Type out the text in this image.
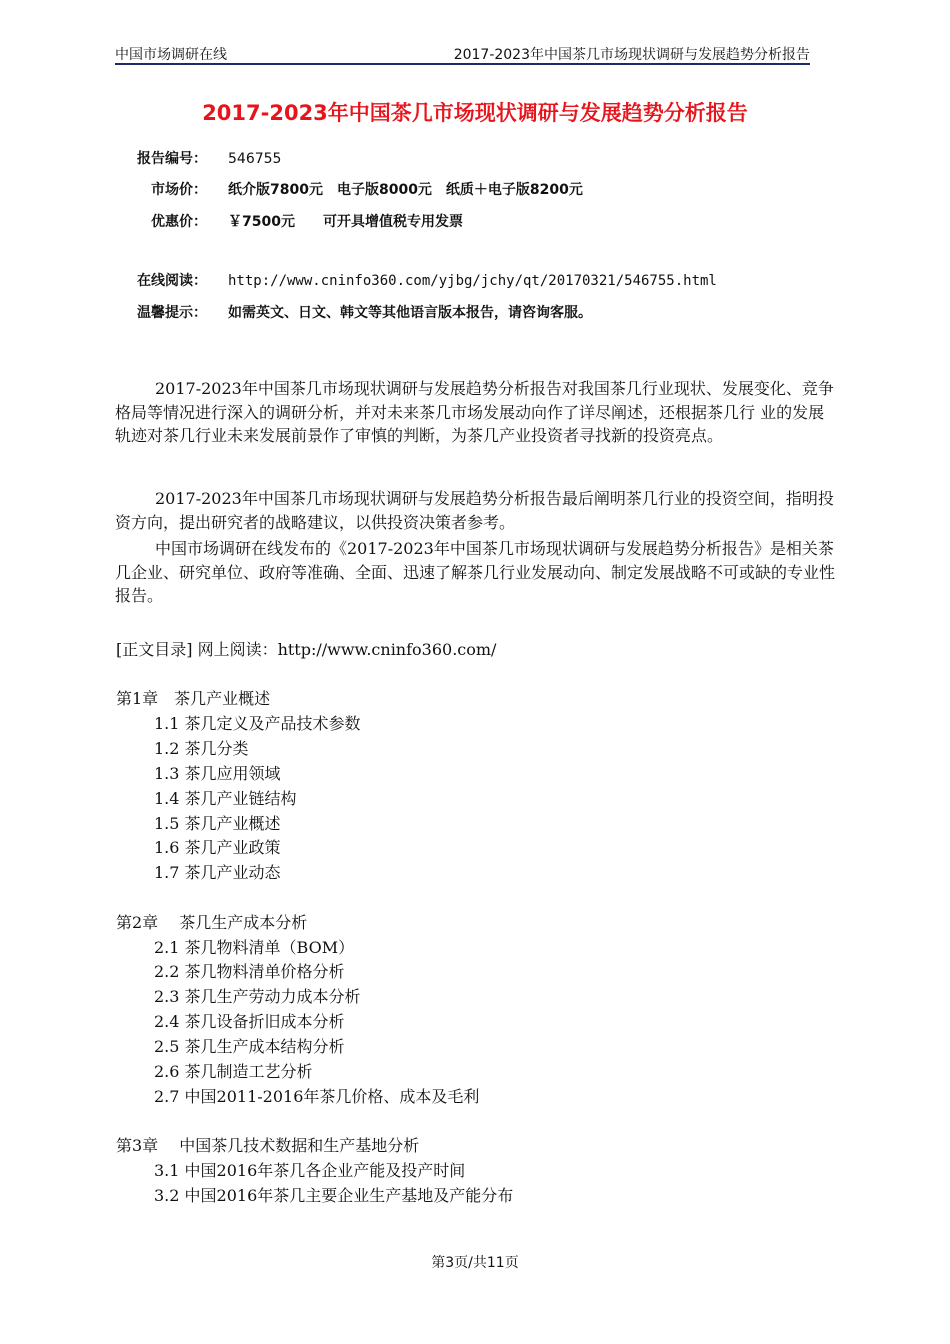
中国市场调研在线	2017-2023年中国茶几市场现状调研与发展趋势分析报告
2017-2023年中国茶几市场现状调研与发展趋势分析报告
报告编号： 546755
市场价： 纸介版7800元　电子版8000元　纸质＋电子版8200元
优惠价： ￥7500元　　可开具增值税专用发票
在线阅读： http://www.cninfo360.com/yjbg/jchy/qt/20170321/546755.html
温馨提示： 如需英文、日文、韩文等其他语言版本报告，请咨询客服。
2017-2023年中国茶几市场现状调研与发展趋势分析报告对我国茶几行业现状、发展变化、竞争格局等情况进行深入的调研分析，并对未来茶几市场发展动向作了详尽阐述，还根据茶几行 业的发展轨迹对茶几行业未来发展前景作了审慎的判断，为茶几产业投资者寻找新的投资亮点。
2017-2023年中国茶几市场现状调研与发展趋势分析报告最后阐明茶几行业的投资空间，指明投资方向，提出研究者的战略建议，以供投资决策者参考。
中国市场调研在线发布的《2017-2023年中国茶几市场现状调研与发展趋势分析报告》是相关茶几企业、研究单位、政府等准确、全面、迅速了解茶几行业发展动向、制定发展战略不可或缺的专业性报告。
[正文目录] 网上阅读：http://www.cninfo360.com/
第1章　茶几产业概述
1.1 茶几定义及产品技术参数
1.2 茶几分类
1.3 茶几应用领域
1.4 茶几产业链结构
1.5 茶几产业概述
1.6 茶几产业政策
1.7 茶几产业动态
第2章　 茶几生产成本分析
2.1 茶几物料清单（BOM）
2.2 茶几物料清单价格分析
2.3 茶几生产劳动力成本分析
2.4 茶几设备折旧成本分析
2.5 茶几生产成本结构分析
2.6 茶几制造工艺分析
2.7 中国2011-2016年茶几价格、成本及毛利
第3章　 中国茶几技术数据和生产基地分析
3.1 中国2016年茶几各企业产能及投产时间
3.2 中国2016年茶几主要企业生产基地及产能分布
第3页/共11页
